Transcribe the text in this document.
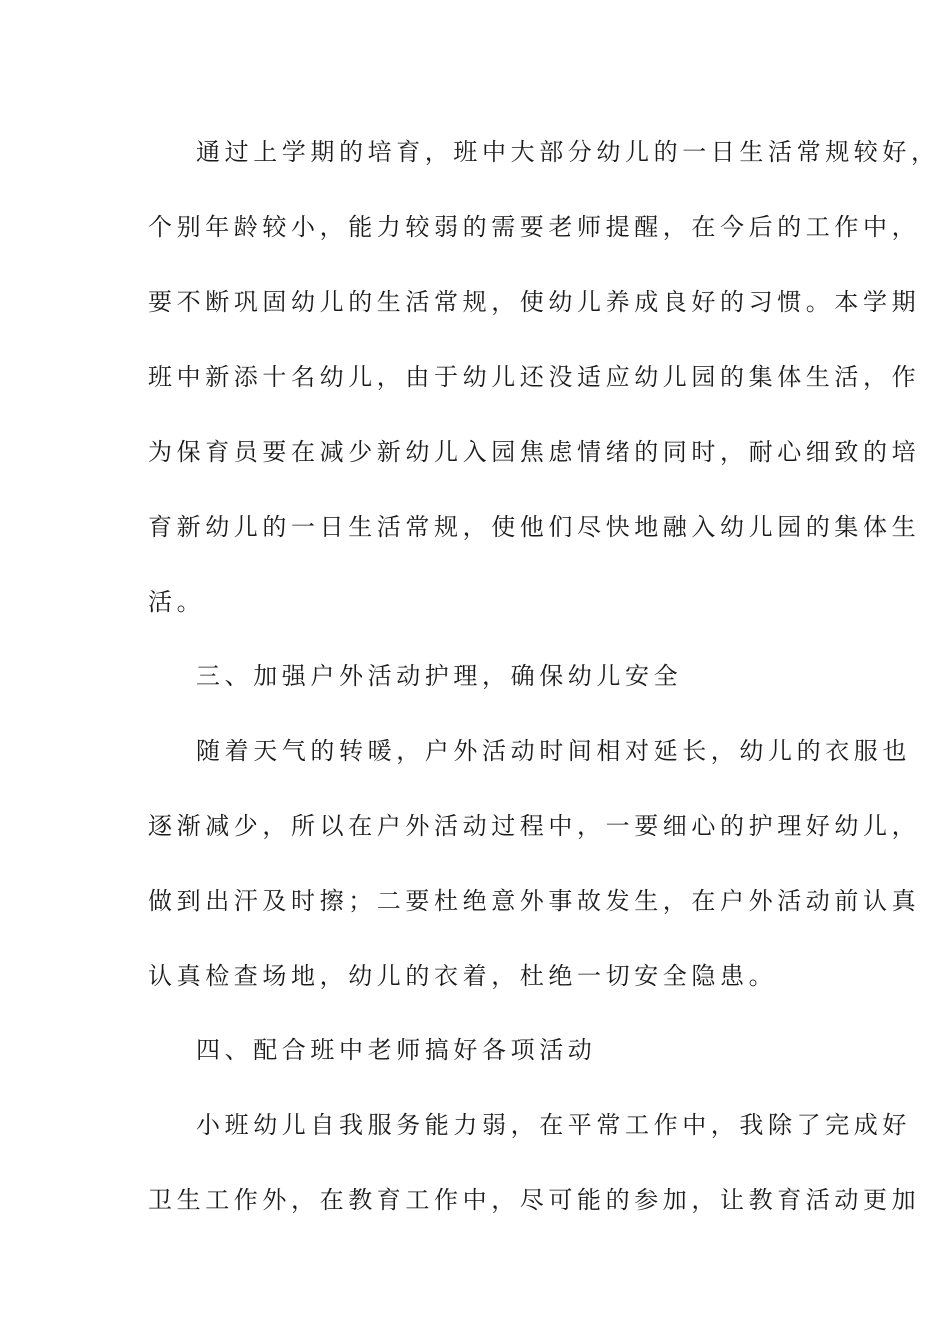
通过上学期的培育，班中大部分幼儿的一日生活常规较好，
个别年龄较小，能力较弱的需要老师提醒，在今后的工作中，
要不断巩固幼儿的生活常规，使幼儿养成良好的习惯。本学期
班中新添十名幼儿，由于幼儿还没适应幼儿园的集体生活，作
为保育员要在减少新幼儿入园焦虑情绪的同时，耐心细致的培
育新幼儿的一日生活常规，使他们尽快地融入幼儿园的集体生
活。
三、加强户外活动护理，确保幼儿安全
随着天气的转暖，户外活动时间相对延长，幼儿的衣服也
逐渐减少，所以在户外活动过程中，一要细心的护理好幼儿，
做到出汗及时擦；二要杜绝意外事故发生，在户外活动前认真
认真检查场地，幼儿的衣着，杜绝一切安全隐患。
四、配合班中老师搞好各项活动
小班幼儿自我服务能力弱，在平常工作中，我除了完成好
卫生工作外，在教育工作中，尽可能的参加，让教育活动更加
